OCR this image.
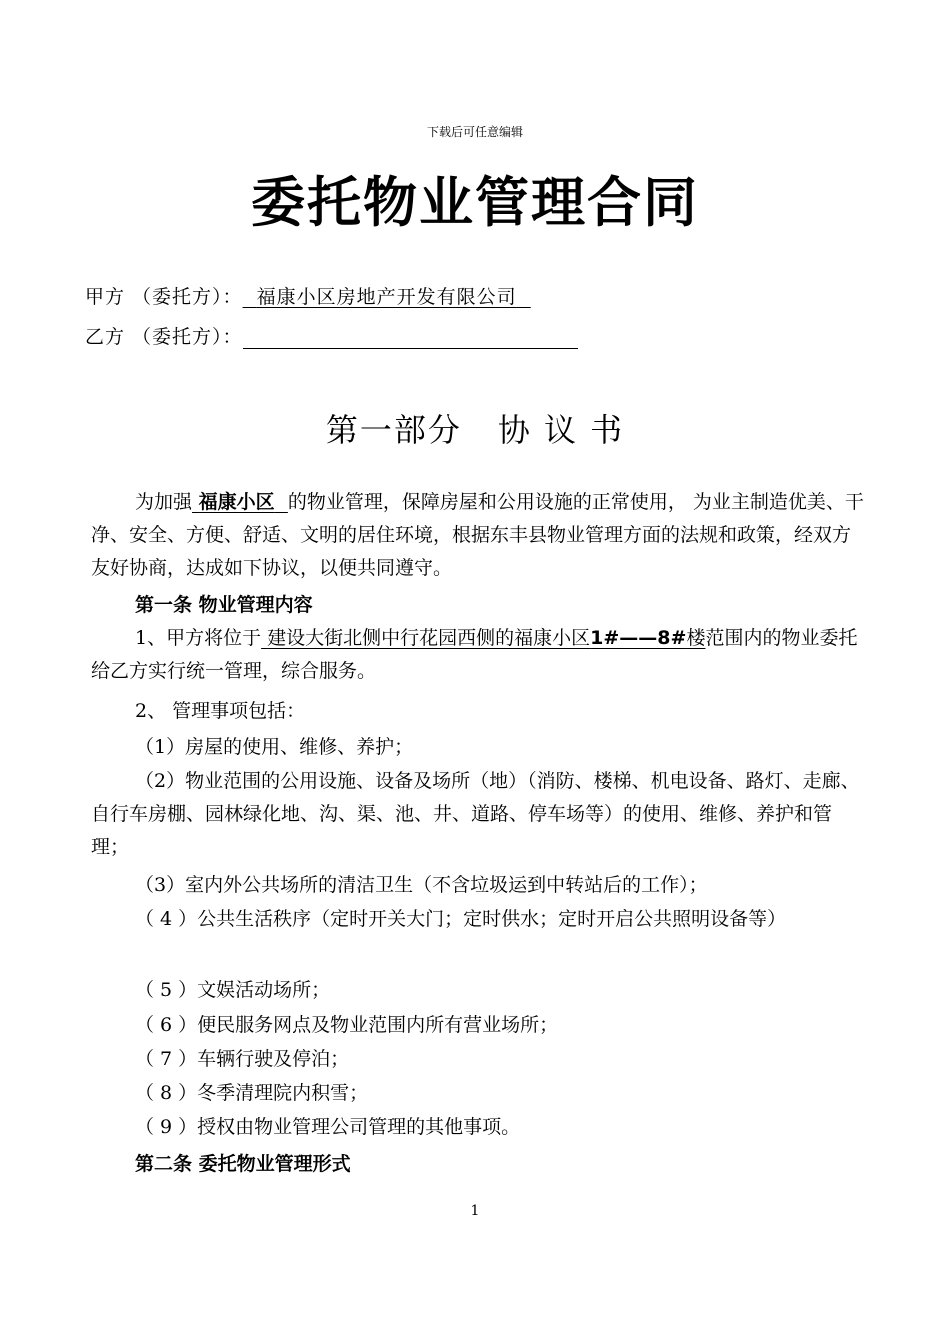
下载后可任意编辑
委托物业管理合同
甲方 （委托方）： 福康小区房地产开发有限公司
乙方 （委托方）：
第一部分 协 议 书

为加强 福康小区 的物业管理，保障房屋和公用设施的正常使用， 为业主制造优美、干净、安全、方便、舒适、文明的居住环境，根据东丰县物业管理方面的法规和政策，经双方友好协商，达成如下协议，以便共同遵守。

第一条 物业管理内容

1、甲方将位于 建设大街北侧中行花园西侧的福康小区1#——8#楼范围内的物业委托给乙方实行统一管理，综合服务。

2、 管理事项包括：
（1）房屋的使用、维修、养护；

（2）物业范围的公用设施、设备及场所（地）（消防、楼梯、机电设备、路灯、走廊、自行车房棚、园林绿化地、沟、渠、池、井、道路、停车场等）的使用、维修、养护和管理；

（3）室内外公共场所的清洁卫生（不含垃圾运到中转站后的工作）；

（ 4 ）公共生活秩序（定时开关大门；定时供水；定时开启公共照明设备等）

（ 5 ）文娱活动场所；
（ 6 ）便民服务网点及物业范围内所有营业场所；
（ 7 ）车辆行驶及停泊；
（ 8 ）冬季清理院内积雪；
（ 9 ）授权由物业管理公司管理的其他事项。
第二条 委托物业管理形式
1
